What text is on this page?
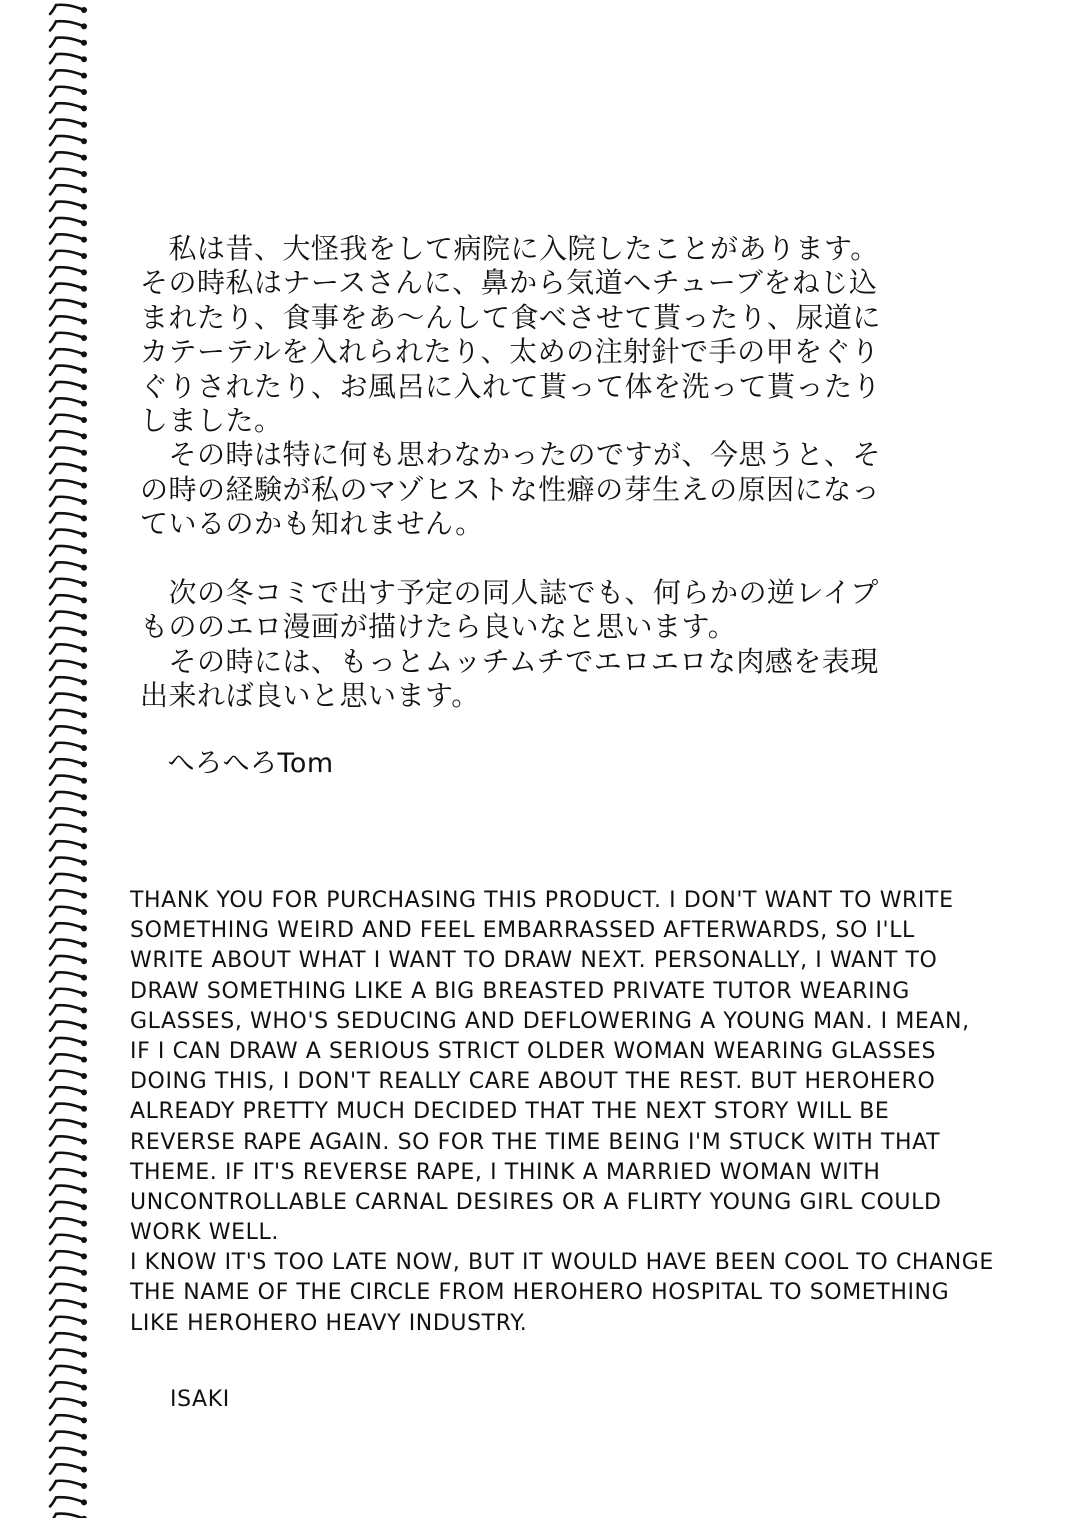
　私は昔、大怪我をして病院に入院したことがあります。
その時私はナースさんに、鼻から気道へチューブをねじ込
まれたり、食事をあ～んして食べさせて貰ったり、尿道に
カテーテルを入れられたり、太めの注射針で手の甲をぐり
ぐりされたり、お風呂に入れて貰って体を洗って貰ったり
しました。
　その時は特に何も思わなかったのですが、今思うと、そ
の時の経験が私のマゾヒストな性癖の芽生えの原因になっ
ているのかも知れません。
　次の冬コミで出す予定の同人誌でも、何らかの逆レイプ
もののエロ漫画が描けたら良いなと思います。
　その時には、もっとムッチムチでエロエロな肉感を表現
出来れば良いと思います。
　へろへろTom
THANK YOU FOR PURCHASING THIS PRODUCT. I DON'T WANT TO WRITE
SOMETHING WEIRD AND FEEL EMBARRASSED AFTERWARDS, SO I'LL
WRITE ABOUT WHAT I WANT TO DRAW NEXT. PERSONALLY, I WANT TO
DRAW SOMETHING LIKE A BIG BREASTED PRIVATE TUTOR WEARING
GLASSES, WHO'S SEDUCING AND DEFLOWERING A YOUNG MAN. I MEAN,
IF I CAN DRAW A SERIOUS STRICT OLDER WOMAN WEARING GLASSES
DOING THIS, I DON'T REALLY CARE ABOUT THE REST. BUT HEROHERO
ALREADY PRETTY MUCH DECIDED THAT THE NEXT STORY WILL BE
REVERSE RAPE AGAIN. SO FOR THE TIME BEING I'M STUCK WITH THAT
THEME. IF IT'S REVERSE RAPE, I THINK A MARRIED WOMAN WITH
UNCONTROLLABLE CARNAL DESIRES OR A FLIRTY YOUNG GIRL COULD
WORK WELL.
I KNOW IT'S TOO LATE NOW, BUT IT WOULD HAVE BEEN COOL TO CHANGE
THE NAME OF THE CIRCLE FROM HEROHERO HOSPITAL TO SOMETHING
LIKE HEROHERO HEAVY INDUSTRY.
ISAKI
